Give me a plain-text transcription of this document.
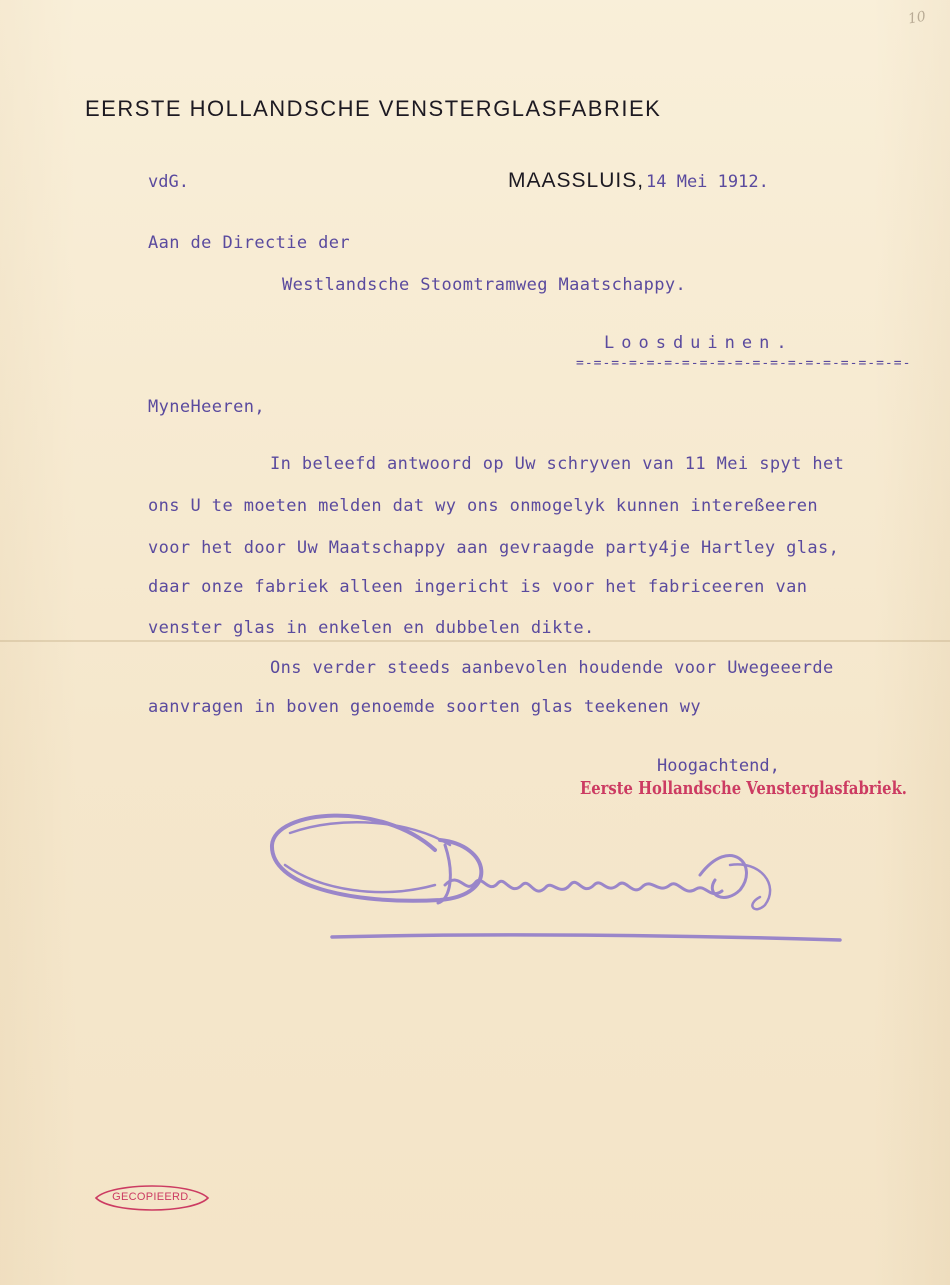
10
EERSTE HOLLANDSCHE VENSTERGLASFABRIEK
vdG.	MAASSLUIS, 14 Mei 1912.
Aan de Directie der
Westlandsche Stoomtramweg Maatschappy.
Loosduinen.
=-=-=-=-=-=-=-=-=-=-=-=-=-=-=-=-=-=-=-
MyneHeeren,
In beleefd antwoord op Uw schryven van 11 Mei spyt het
ons U te moeten melden dat wy ons onmogelyk kunnen intereßeeren
voor het door Uw Maatschappy aan gevraagde party4je Hartley glas,
daar onze fabriek alleen ingericht is voor het fabriceeren van
venster glas in enkelen en dubbelen dikte.
Ons verder steeds aanbevolen houdende voor Uwegeeerde
aanvragen in boven genoemde soorten glas teekenen wy
Hoogachtend,
Eerste Hollandsche Vensterglasfabriek.
GECOPIEERD.
